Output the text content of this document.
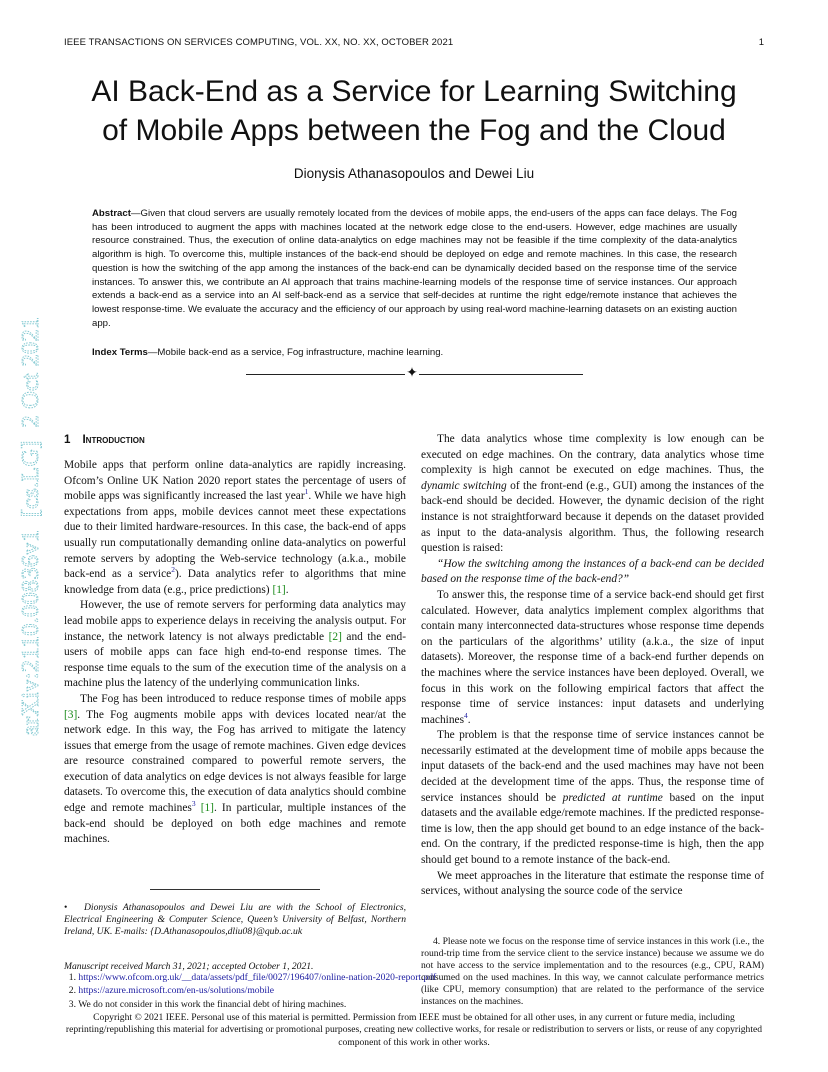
IEEE TRANSACTIONS ON SERVICES COMPUTING, VOL. XX, NO. XX, OCTOBER 2021	1
AI Back-End as a Service for Learning Switching
of Mobile Apps between the Fog and the Cloud
Dionysis Athanasopoulos and Dewei Liu
Abstract—Given that cloud servers are usually remotely located from the devices of mobile apps, the end-users of the apps can face delays. The Fog has been introduced to augment the apps with machines located at the network edge close to the end-users. However, edge machines are usually resource constrained. Thus, the execution of online data-analytics on edge machines may not be feasible if the time complexity of the data-analytics algorithm is high. To overcome this, multiple instances of the back-end should be deployed on edge and remote machines. In this case, the research question is how the switching of the app among the instances of the back-end can be dynamically decided based on the response time of the service instances. To answer this, we contribute an AI approach that trains machine-learning models of the response time of service instances. Our approach extends a back-end as a service into an AI self-back-end as a service that self-decides at runtime the right edge/remote instance that achieves the lowest response-time. We evaluate the accuracy and the efficiency of our approach by using real-word machine-learning datasets on an existing auction app.
Index Terms—Mobile back-end as a service, Fog infrastructure, machine learning.
✦
arXiv:2110.00836v1  [cs.LG]  2 Oct 2021 1 Introduction

Mobile apps that perform online data-analytics are rapidly increasing. Ofcom’s Online UK Nation 2020 report states the percentage of users of mobile apps was significantly increased the last year$^1$. While we have high expectations from apps, mobile devices cannot meet these expectations due to their limited hardware-resources. In this case, the back-end of apps usually run computationally demanding online data-analytics on powerful remote servers by adopting the Web-service technology (a.k.a., mobile back-end as a service$^2$). Data analytics refer to algorithms that mine knowledge from data (e.g., price predictions) [1].

However, the use of remote servers for performing data analytics may lead mobile apps to experience delays in receiving the analysis output. For instance, the network latency is not always predictable [2] and the end-users of mobile apps can face high end-to-end response times. The response time equals to the sum of the execution time of the analysis on a machine plus the latency of the underlying communication links.

The Fog has been introduced to reduce response times of mobile apps [3]. The Fog augments mobile apps with devices located near/at the network edge. In this way, the Fog has arrived to mitigate the latency issues that emerge from the usage of remote machines. Given edge devices are resource constrained compared to powerful remote servers, the execution of data analytics on edge devices is not always feasible for large datasets. To overcome this, the execution of data analytics should combine edge and remote machines$^3$ [1]. In particular, multiple instances of the back-end should be deployed on both edge machines and remote machines.

The data analytics whose time complexity is low enough can be executed on edge machines. On the contrary, data analytics whose time complexity is high cannot be executed on edge machines. Thus, the dynamic switching of the front-end (e.g., GUI) among the instances of the back-end should be decided. However, the dynamic decision of the right instance is not straightforward because it depends on the dataset provided as input to the data-analysis algorithm. Thus, the following research question is raised:

“How the switching among the instances of a back-end can be decided based on the response time of the back-end?”

To answer this, the response time of a service back-end should get first calculated. However, data analytics implement complex algorithms that contain many interconnected data-structures whose response time depends on the particulars of the algorithms’ utility (a.k.a., the size of input datasets). Moreover, the response time of a back-end further depends on the machines where the service instances have been deployed. Overall, we focus in this work on the following empirical factors that affect the response time of service instances: input datasets and underlying machines$^4$.

The problem is that the response time of service instances cannot be necessarily estimated at the development time of mobile apps because the input datasets of the back-end and the used machines may have not been decided at the development time of the apps. Thus, the response time of service instances should be predicted at runtime based on the input datasets and the available edge/remote machines. If the predicted response-time is low, then the app should get bound to an edge instance of the back-end. On the contrary, if the predicted response-time is high, then the app should get bound to a remote instance of the back-end.

We meet approaches in the literature that estimate the response time of services, without analysing the source code of the service

• Dionysis Athanasopoulos and Dewei Liu are with the School of Electronics, Electrical Engineering & Computer Science, Queen’s University of Belfast, Northern Ireland, UK. E-mails: {D.Athanasopoulos,dliu08}@qub.ac.uk
Manuscript received March 31, 2021; accepted October 1, 2021.
1. https://www.ofcom.org.uk/__data/assets/pdf_file/0027/196407/online-nation-2020-report.pdf
2. https://azure.microsoft.com/en-us/solutions/mobile
3. We do not consider in this work the financial debt of hiring machines.
4. Please note we focus on the response time of service instances in this work (i.e., the round-trip time from the service client to the service instance) because we assume we do not have access to the service implementation and to the resources (e.g., CPU, RAM) consumed on the used machines. In this way, we cannot calculate performance metrics (like CPU, memory consumption) that are related to the performance of the service instances on the machines.
Copyright © 2021 IEEE. Personal use of this material is permitted. Permission from IEEE must be obtained for all other uses, in any current or future media, including reprinting/republishing this material for advertising or promotional purposes, creating new collective works, for resale or redistribution to servers or lists, or reuse of any copyrighted component of this work in other works.
